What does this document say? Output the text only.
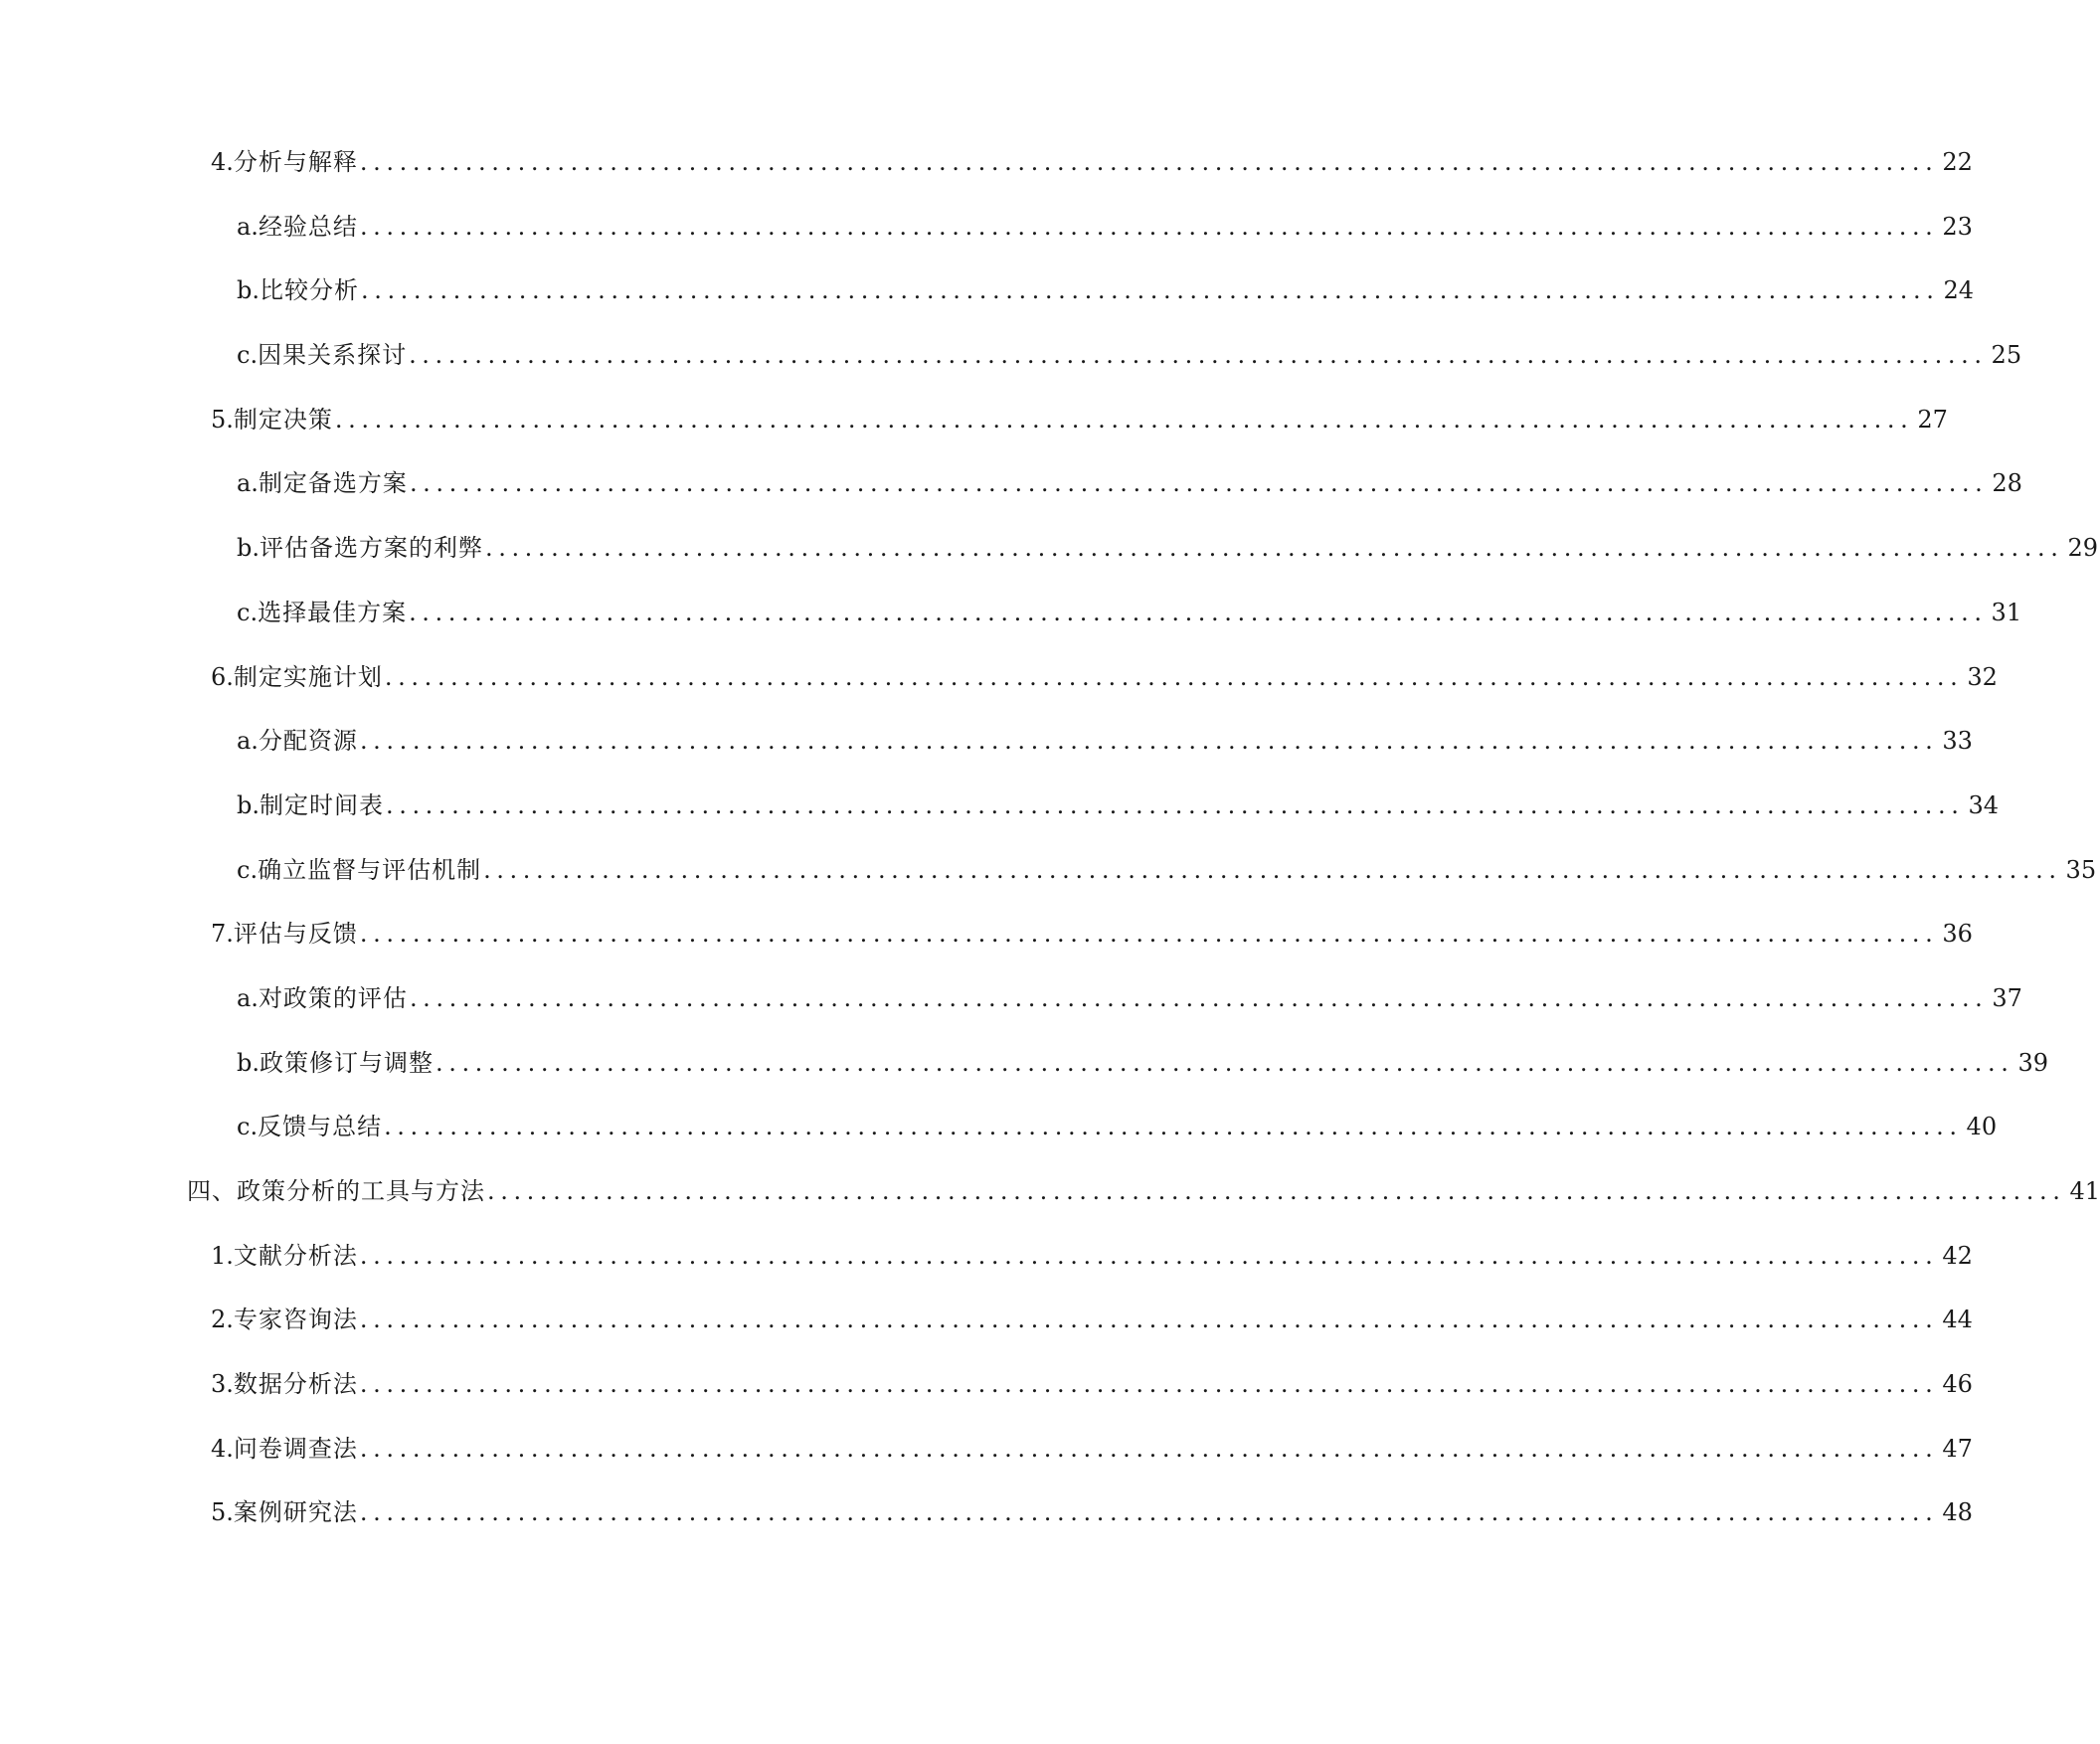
4. 分析与解释 ........................................................................................................................ 22
a. 经验总结 ........................................................................................................................ 23
b. 比较分析 ........................................................................................................................ 24
c. 因果关系探讨 ........................................................................................................................ 25
5. 制定决策 ........................................................................................................................ 27
a. 制定备选方案 ........................................................................................................................ 28
b. 评估备选方案的利弊 ........................................................................................................................ 29
c. 选择最佳方案 ........................................................................................................................ 31
6. 制定实施计划 ........................................................................................................................ 32
a. 分配资源 ........................................................................................................................ 33
b. 制定时间表 ........................................................................................................................ 34
c. 确立监督与评估机制 ........................................................................................................................ 35
7. 评估与反馈 ........................................................................................................................ 36
a. 对政策的评估 ........................................................................................................................ 37
b. 政策修订与调整 ........................................................................................................................ 39
c. 反馈与总结 ........................................................................................................................ 40
四、政策分析的工具与方法 ........................................................................................................................ 41
1. 文献分析法 ........................................................................................................................ 42
2. 专家咨询法 ........................................................................................................................ 44
3. 数据分析法 ........................................................................................................................ 46
4. 问卷调查法 ........................................................................................................................ 47
5. 案例研究法 ........................................................................................................................ 48
